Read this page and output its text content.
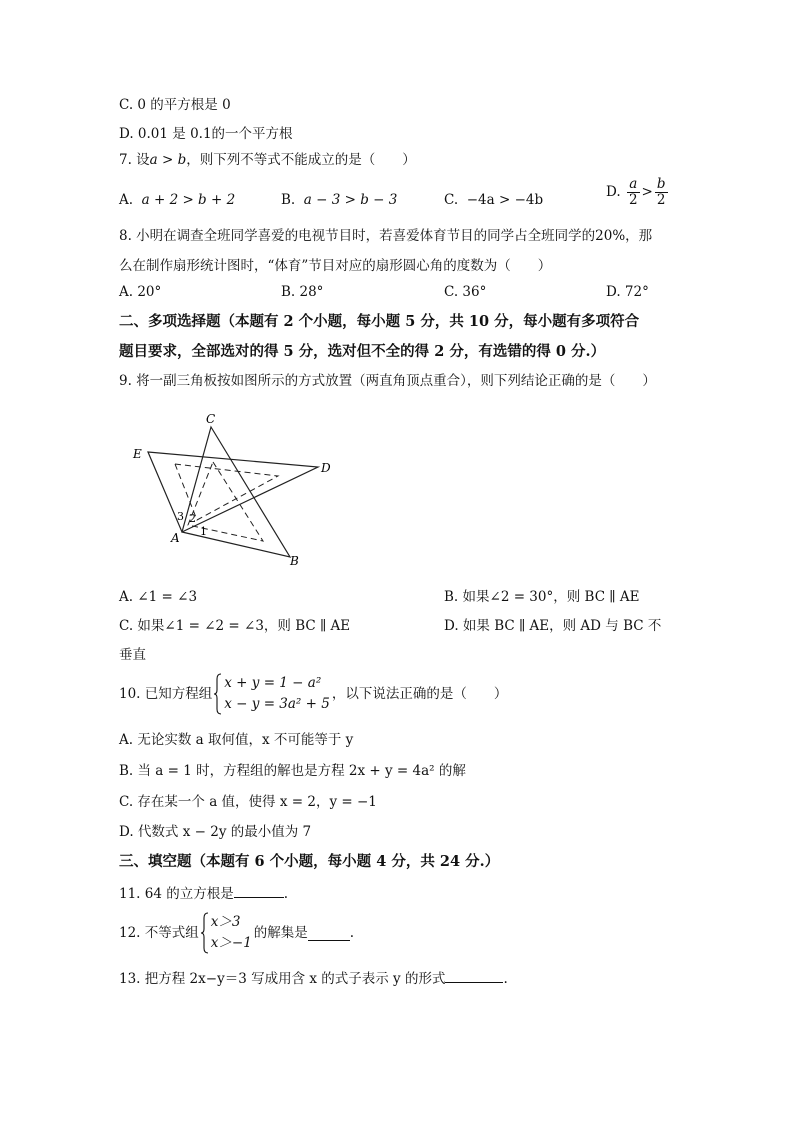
C. 0 的平方根是 0
D. 0.01 是 0.1的一个平方根
7. 设a > b，则下列不等式不能成立的是（　　）
A.  a + 2 > b + 2	B.  a − 3 > b − 3	C.  −4a > −4b	D. $\frac{a}{2} > \frac{b}{2}$
8. 小明在调查全班同学喜爱的电视节目时，若喜爱体育节目的同学占全班同学的20%，那
么在制作扇形统计图时，“体育”节目对应的扇形圆心角的度数为（　　）
A. 20°	B. 28°	C. 36°	D. 72°
二、多项选择题（本题有 2 个小题，每小题 5 分，共 10 分，每小题有多项符合
题目要求，全部选对的得 5 分，选对但不全的得 2 分，有选错的得 0 分.）
9. 将一副三角板按如图所示的方式放置（两直角顶点重合），则下列结论正确的是（　　）
C
E
D
A
B
3 2
1
A. ∠1 = ∠3	B. 如果∠2 = 30°，则 BC ∥ AE
C. 如果∠1 = ∠2 = ∠3，则 BC ∥ AE	D. 如果 BC ∥ AE，则 AD 与 BC 不
垂直
10. 已知方程组
x + y = 1 − a²
x − y = 3a² + 5
，以下说法正确的是（　　）
A. 无论实数 a 取何值，x 不可能等于 y
B. 当 a = 1 时，方程组的解也是方程 2x + y = 4a² 的解
C. 存在某一个 a 值，使得 x = 2，y = −1
D. 代数式 x − 2y 的最小值为 7
三、填空题（本题有 6 个小题，每小题 4 分，共 24 分.）
11. 64 的立方根是	.
12. 不等式组
x＞3
x＞−1
的解集是	.
13. 把方程 2x−y＝3 写成用含 x 的式子表示 y 的形式	.
